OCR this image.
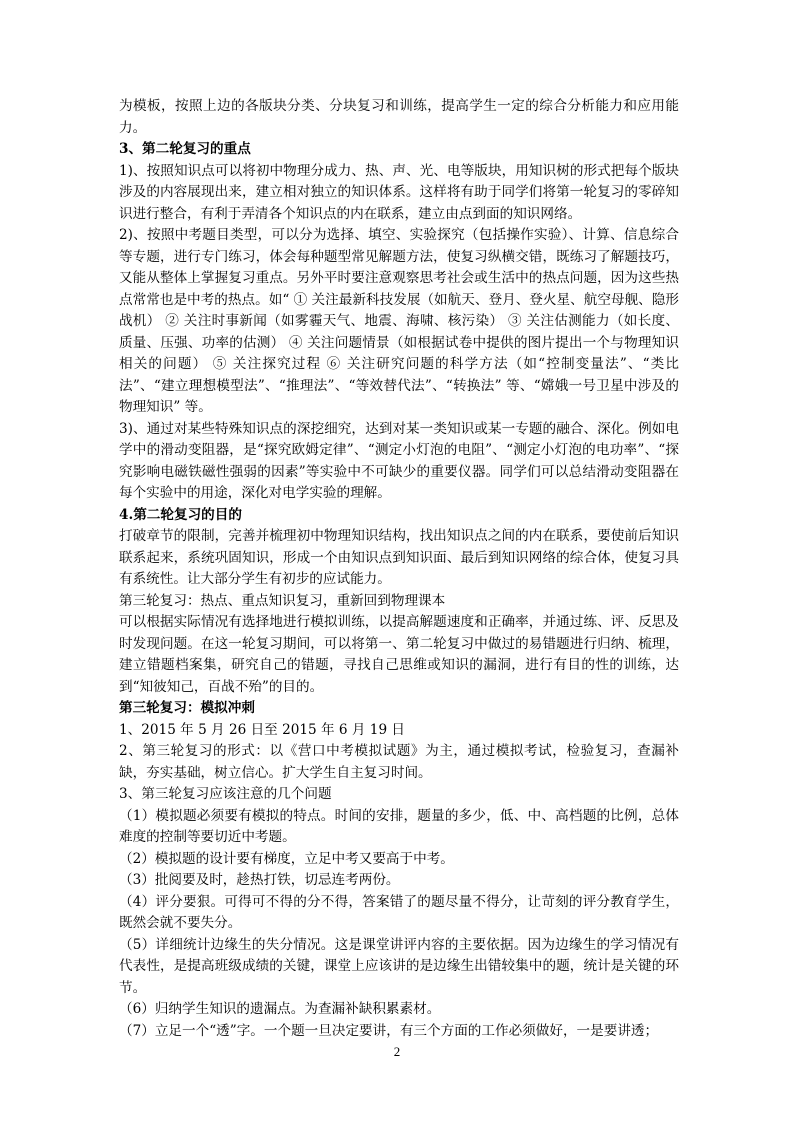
为模板，按照上边的各版块分类、分块复习和训练，提高学生一定的综合分析能力和应用能力。

3、第二轮复习的重点

1)、按照知识点可以将初中物理分成力、热、声、光、电等版块，用知识树的形式把每个版块涉及的内容展现出来，建立相对独立的知识体系。这样将有助于同学们将第一轮复习的零碎知识进行整合，有利于弄清各个知识点的内在联系，建立由点到面的知识网络。

2)、按照中考题目类型，可以分为选择、填空、实验探究（包括操作实验）、计算、信息综合等专题，进行专门练习，体会每种题型常见解题方法，使复习纵横交错，既练习了解题技巧，又能从整体上掌握复习重点。另外平时要注意观察思考社会或生活中的热点问题，因为这些热点常常也是中考的热点。如“ ① 关注最新科技发展（如航天、登月、登火星、航空母舰、隐形战机） ② 关注时事新闻（如雾霾天气、地震、海啸、核污染） ③ 关注估测能力（如长度、质量、压强、功率的估测） ④ 关注问题情景（如根据试卷中提供的图片提出一个与物理知识相关的问题） ⑤ 关注探究过程 ⑥ 关注研究问题的科学方法（如“控制变量法”、“类比法”、“建立理想模型法”、“推理法”、“等效替代法”、“转换法” 等、“嫦娥一号卫星中涉及的物理知识” 等。

3)、通过对某些特殊知识点的深挖细究，达到对某一类知识或某一专题的融合、深化。例如电学中的滑动变阻器，是“探究欧姆定律”、“测定小灯泡的电阻”、“测定小灯泡的电功率”、“探究影响电磁铁磁性强弱的因素”等实验中不可缺少的重要仪器。同学们可以总结滑动变阻器在每个实验中的用途，深化对电学实验的理解。

4.第二轮复习的目的

打破章节的限制，完善并梳理初中物理知识结构，找出知识点之间的内在联系，要使前后知识联系起来，系统巩固知识，形成一个由知识点到知识面、最后到知识网络的综合体，使复习具有系统性。让大部分学生有初步的应试能力。

第三轮复习：热点、重点知识复习，重新回到物理课本

可以根据实际情况有选择地进行模拟训练，以提高解题速度和正确率，并通过练、评、反思及时发现问题。在这一轮复习期间，可以将第一、第二轮复习中做过的易错题进行归纳、梳理，建立错题档案集，研究自己的错题，寻找自己思维或知识的漏洞，进行有目的性的训练，达到“知彼知己，百战不殆”的目的。

第三轮复习：模拟冲刺

1、2015 年 5 月 26 日至 2015 年 6 月 19 日

2、第三轮复习的形式：以《营口中考模拟试题》为主，通过模拟考试，检验复习，查漏补缺，夯实基础，树立信心。扩大学生自主复习时间。

3、第三轮复习应该注意的几个问题

（1）模拟题必须要有模拟的特点。时间的安排，题量的多少，低、中、高档题的比例，总体难度的控制等要切近中考题。

（2）模拟题的设计要有梯度，立足中考又要高于中考。

（3）批阅要及时，趁热打铁，切忌连考两份。

（4）评分要狠。可得可不得的分不得，答案错了的题尽量不得分，让苛刻的评分教育学生，既然会就不要失分。

（5）详细统计边缘生的失分情况。这是课堂讲评内容的主要依据。因为边缘生的学习情况有代表性，是提高班级成绩的关键，课堂上应该讲的是边缘生出错较集中的题，统计是关键的环节。

（6）归纳学生知识的遗漏点。为查漏补缺积累素材。

（7）立足一个“透”字。一个题一旦决定要讲，有三个方面的工作必须做好，一是要讲透；

2
